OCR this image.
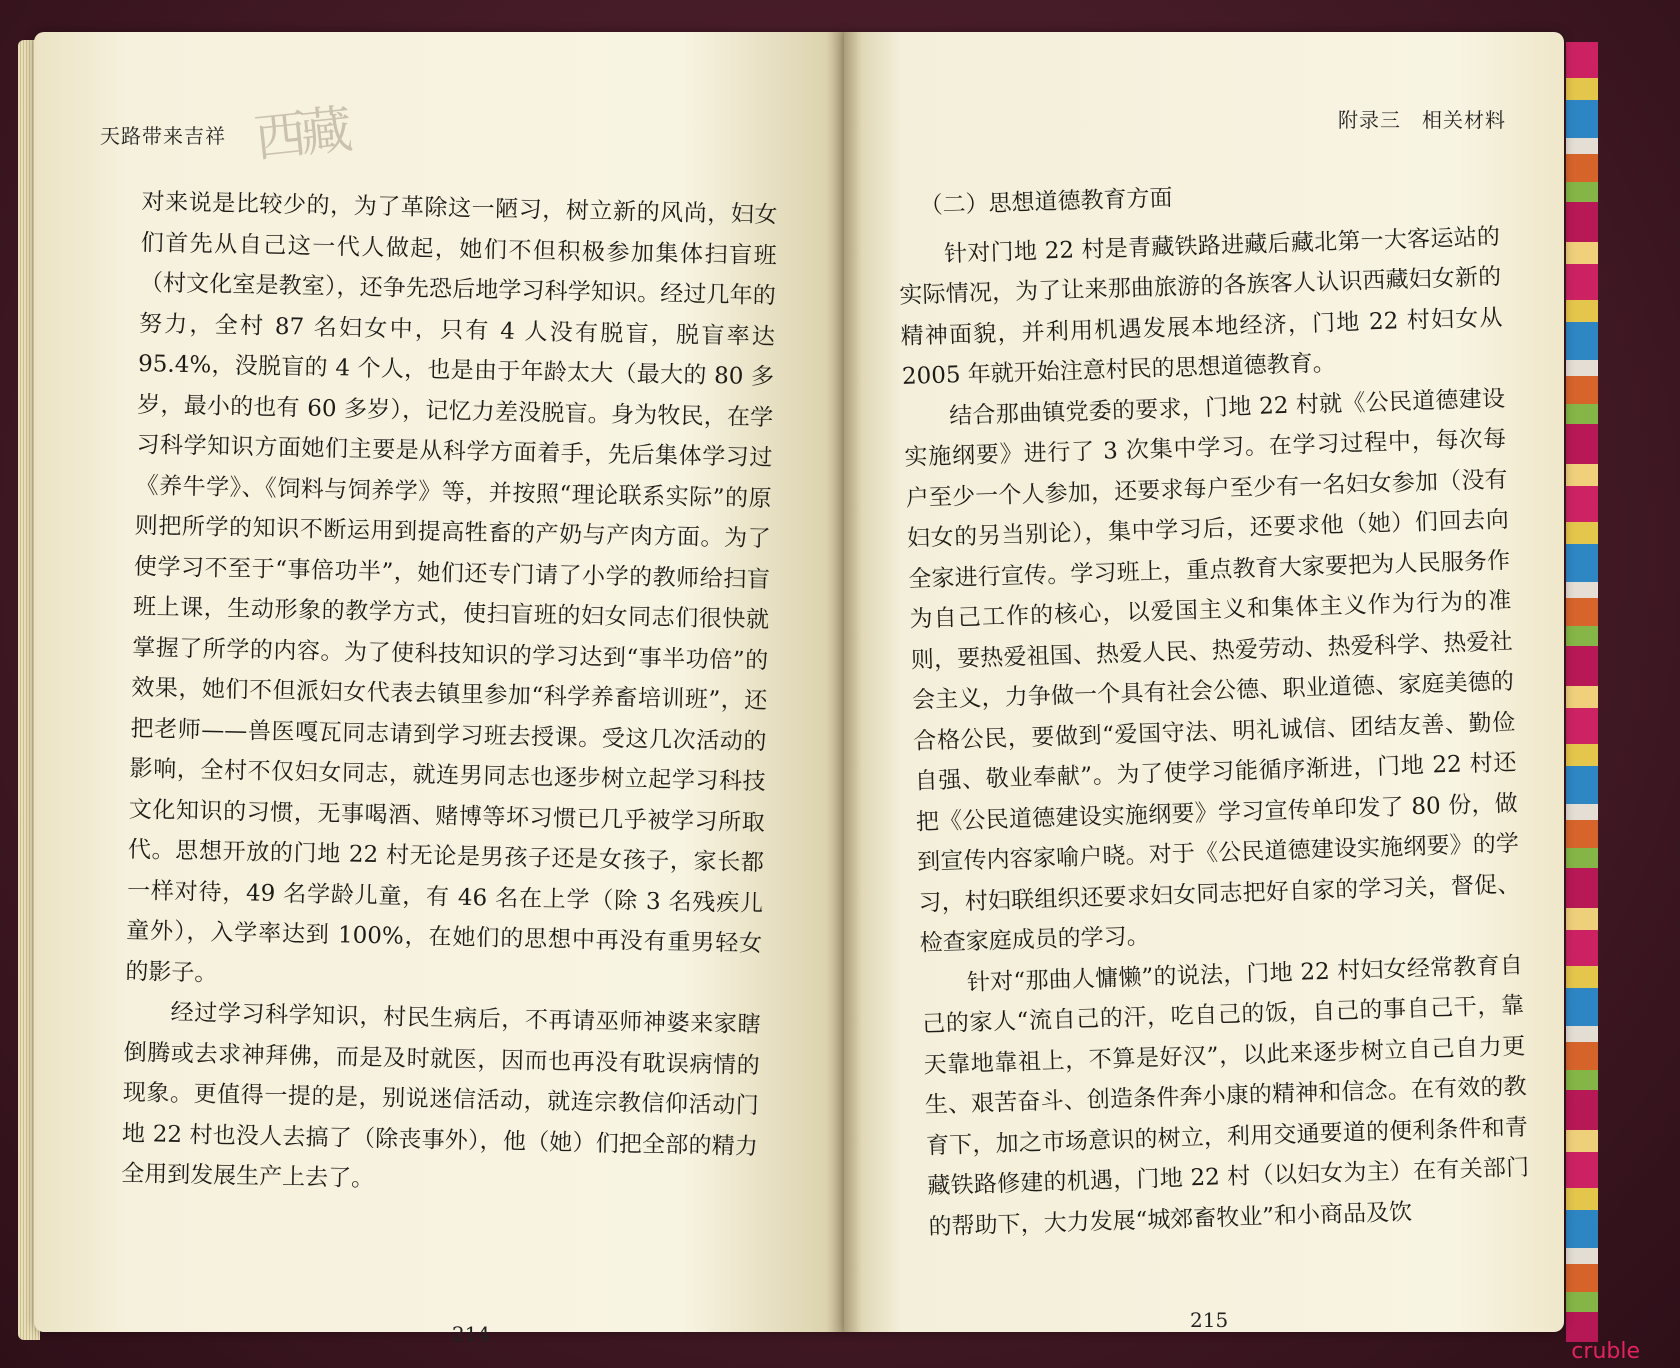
西藏
天路带来吉祥

对来说是比较少的，为了革除这一陋习，树立新的风尚，妇女们首先从自己这一代人做起，她们不但积极参加集体扫盲班（村文化室是教室），还争先恐后地学习科学知识。经过几年的努力，全村 87 名妇女中，只有 4 人没有脱盲，脱盲率达 95.4%，没脱盲的 4 个人，也是由于年龄太大（最大的 80 多岁，最小的也有 60 多岁），记忆力差没脱盲。身为牧民，在学习科学知识方面她们主要是从科学方面着手，先后集体学习过《养牛学》、《饲料与饲养学》等，并按照“理论联系实际”的原则把所学的知识不断运用到提高牲畜的产奶与产肉方面。为了使学习不至于“事倍功半”，她们还专门请了小学的教师给扫盲班上课，生动形象的教学方式，使扫盲班的妇女同志们很快就掌握了所学的内容。为了使科技知识的学习达到“事半功倍”的效果，她们不但派妇女代表去镇里参加“科学养畜培训班”，还把老师——兽医嘎瓦同志请到学习班去授课。受这几次活动的影响，全村不仅妇女同志，就连男同志也逐步树立起学习科技文化知识的习惯，无事喝酒、赌博等坏习惯已几乎被学习所取代。思想开放的门地 22 村无论是男孩子还是女孩子，家长都一样对待，49 名学龄儿童，有 46 名在上学（除 3 名残疾儿童外），入学率达到 100%，在她们的思想中再没有重男轻女的影子。

经过学习科学知识，村民生病后，不再请巫师神婆来家瞎倒腾或去求神拜佛，而是及时就医，因而也再没有耽误病情的现象。更值得一提的是，别说迷信活动，就连宗教信仰活动门地 22 村也没人去搞了（除丧事外），他（她）们把全部的精力全用到发展生产上去了。

214
附录三　相关材料
（二）思想道德教育方面

针对门地 22 村是青藏铁路进藏后藏北第一大客运站的实际情况，为了让来那曲旅游的各族客人认识西藏妇女新的精神面貌，并利用机遇发展本地经济，门地 22 村妇女从 2005 年就开始注意村民的思想道德教育。

结合那曲镇党委的要求，门地 22 村就《公民道德建设实施纲要》进行了 3 次集中学习。在学习过程中，每次每户至少一个人参加，还要求每户至少有一名妇女参加（没有妇女的另当别论），集中学习后，还要求他（她）们回去向全家进行宣传。学习班上，重点教育大家要把为人民服务作为自己工作的核心，以爱国主义和集体主义作为行为的准则，要热爱祖国、热爱人民、热爱劳动、热爱科学、热爱社会主义，力争做一个具有社会公德、职业道德、家庭美德的合格公民，要做到“爱国守法、明礼诚信、团结友善、勤俭自强、敬业奉献”。为了使学习能循序渐进，门地 22 村还把《公民道德建设实施纲要》学习宣传单印发了 80 份，做到宣传内容家喻户晓。对于《公民道德建设实施纲要》的学习，村妇联组织还要求妇女同志把好自家的学习关，督促、检查家庭成员的学习。

针对“那曲人慵懒”的说法，门地 22 村妇女经常教育自己的家人“流自己的汗，吃自己的饭，自己的事自己干，靠天靠地靠祖上，不算是好汉”，以此来逐步树立自己自力更生、艰苦奋斗、创造条件奔小康的精神和信念。在有效的教育下，加之市场意识的树立，利用交通要道的便利条件和青藏铁路修建的机遇，门地 22 村（以妇女为主）在有关部门的帮助下，大力发展“城郊畜牧业”和小商品及饮

215
cruble
